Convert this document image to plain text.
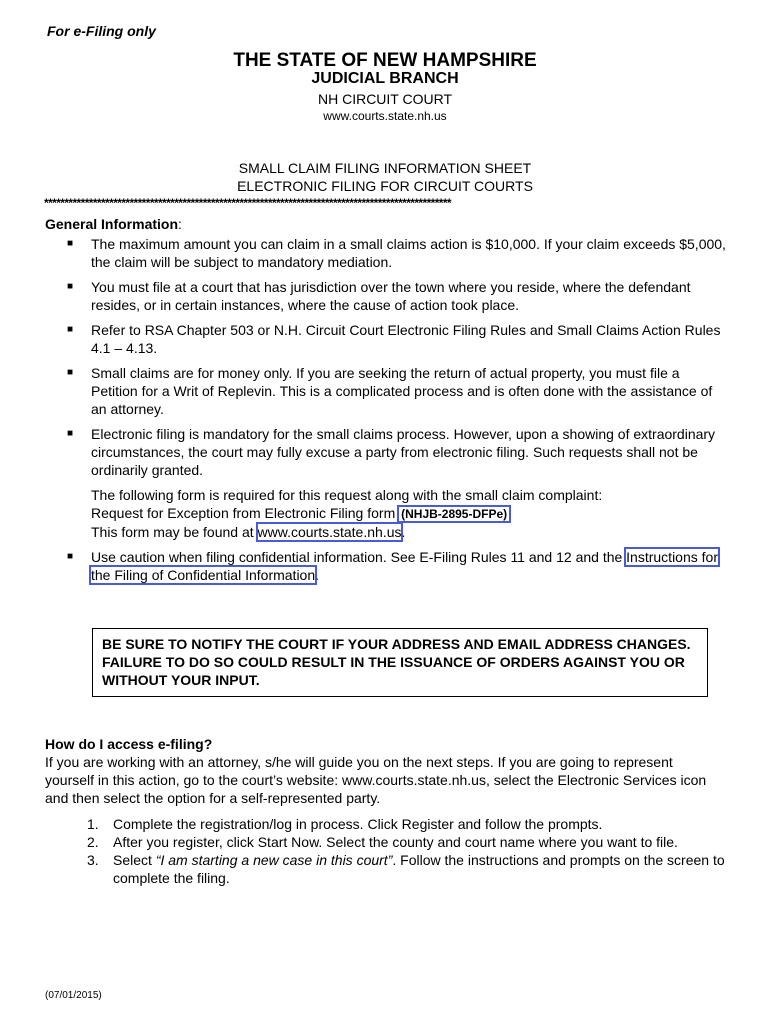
For e-Filing only
THE STATE OF NEW HAMPSHIRE
JUDICIAL BRANCH
NH CIRCUIT COURT
www.courts.state.nh.us
SMALL CLAIM FILING INFORMATION SHEET
ELECTRONIC FILING FOR CIRCUIT COURTS
****************************************************************************************************
General Information:
■ The maximum amount you can claim in a small claims action is $10,000. If your claim exceeds $5,000, the claim will be subject to mandatory mediation.
■ You must file at a court that has jurisdiction over the town where you reside, where the defendant resides, or in certain instances, where the cause of action took place.
■ Refer to RSA Chapter 503 or N.H. Circuit Court Electronic Filing Rules and Small Claims Action Rules 4.1 – 4.13.
■ Small claims are for money only. If you are seeking the return of actual property, you must file a Petition for a Writ of Replevin. This is a complicated process and is often done with the assistance of an attorney.
■ Electronic filing is mandatory for the small claims process. However, upon a showing of extraordinary circumstances, the court may fully excuse a party from electronic filing. Such requests shall not be ordinarily granted.

The following form is required for this request along with the small claim complaint:
Request for Exception from Electronic Filing form (NHJB-2895-DFPe)
This form may be found at www.courts.state.nh.us.

■ Use caution when filing confidential information. See E-Filing Rules 11 and 12 and the Instructions for the Filing of Confidential Information.
BE SURE TO NOTIFY THE COURT IF YOUR ADDRESS AND EMAIL ADDRESS CHANGES. FAILURE TO DO SO COULD RESULT IN THE ISSUANCE OF ORDERS AGAINST YOU OR WITHOUT YOUR INPUT.
How do I access e-filing?
If you are working with an attorney, s/he will guide you on the next steps. If you are going to represent yourself in this action, go to the court’s website: www.courts.state.nh.us, select the Electronic Services icon and then select the option for a self-represented party.
1. Complete the registration/log in process. Click Register and follow the prompts.
2. After you register, click Start Now. Select the county and court name where you want to file.
3. Select “I am starting a new case in this court”. Follow the instructions and prompts on the screen to complete the filing.
(07/01/2015)
